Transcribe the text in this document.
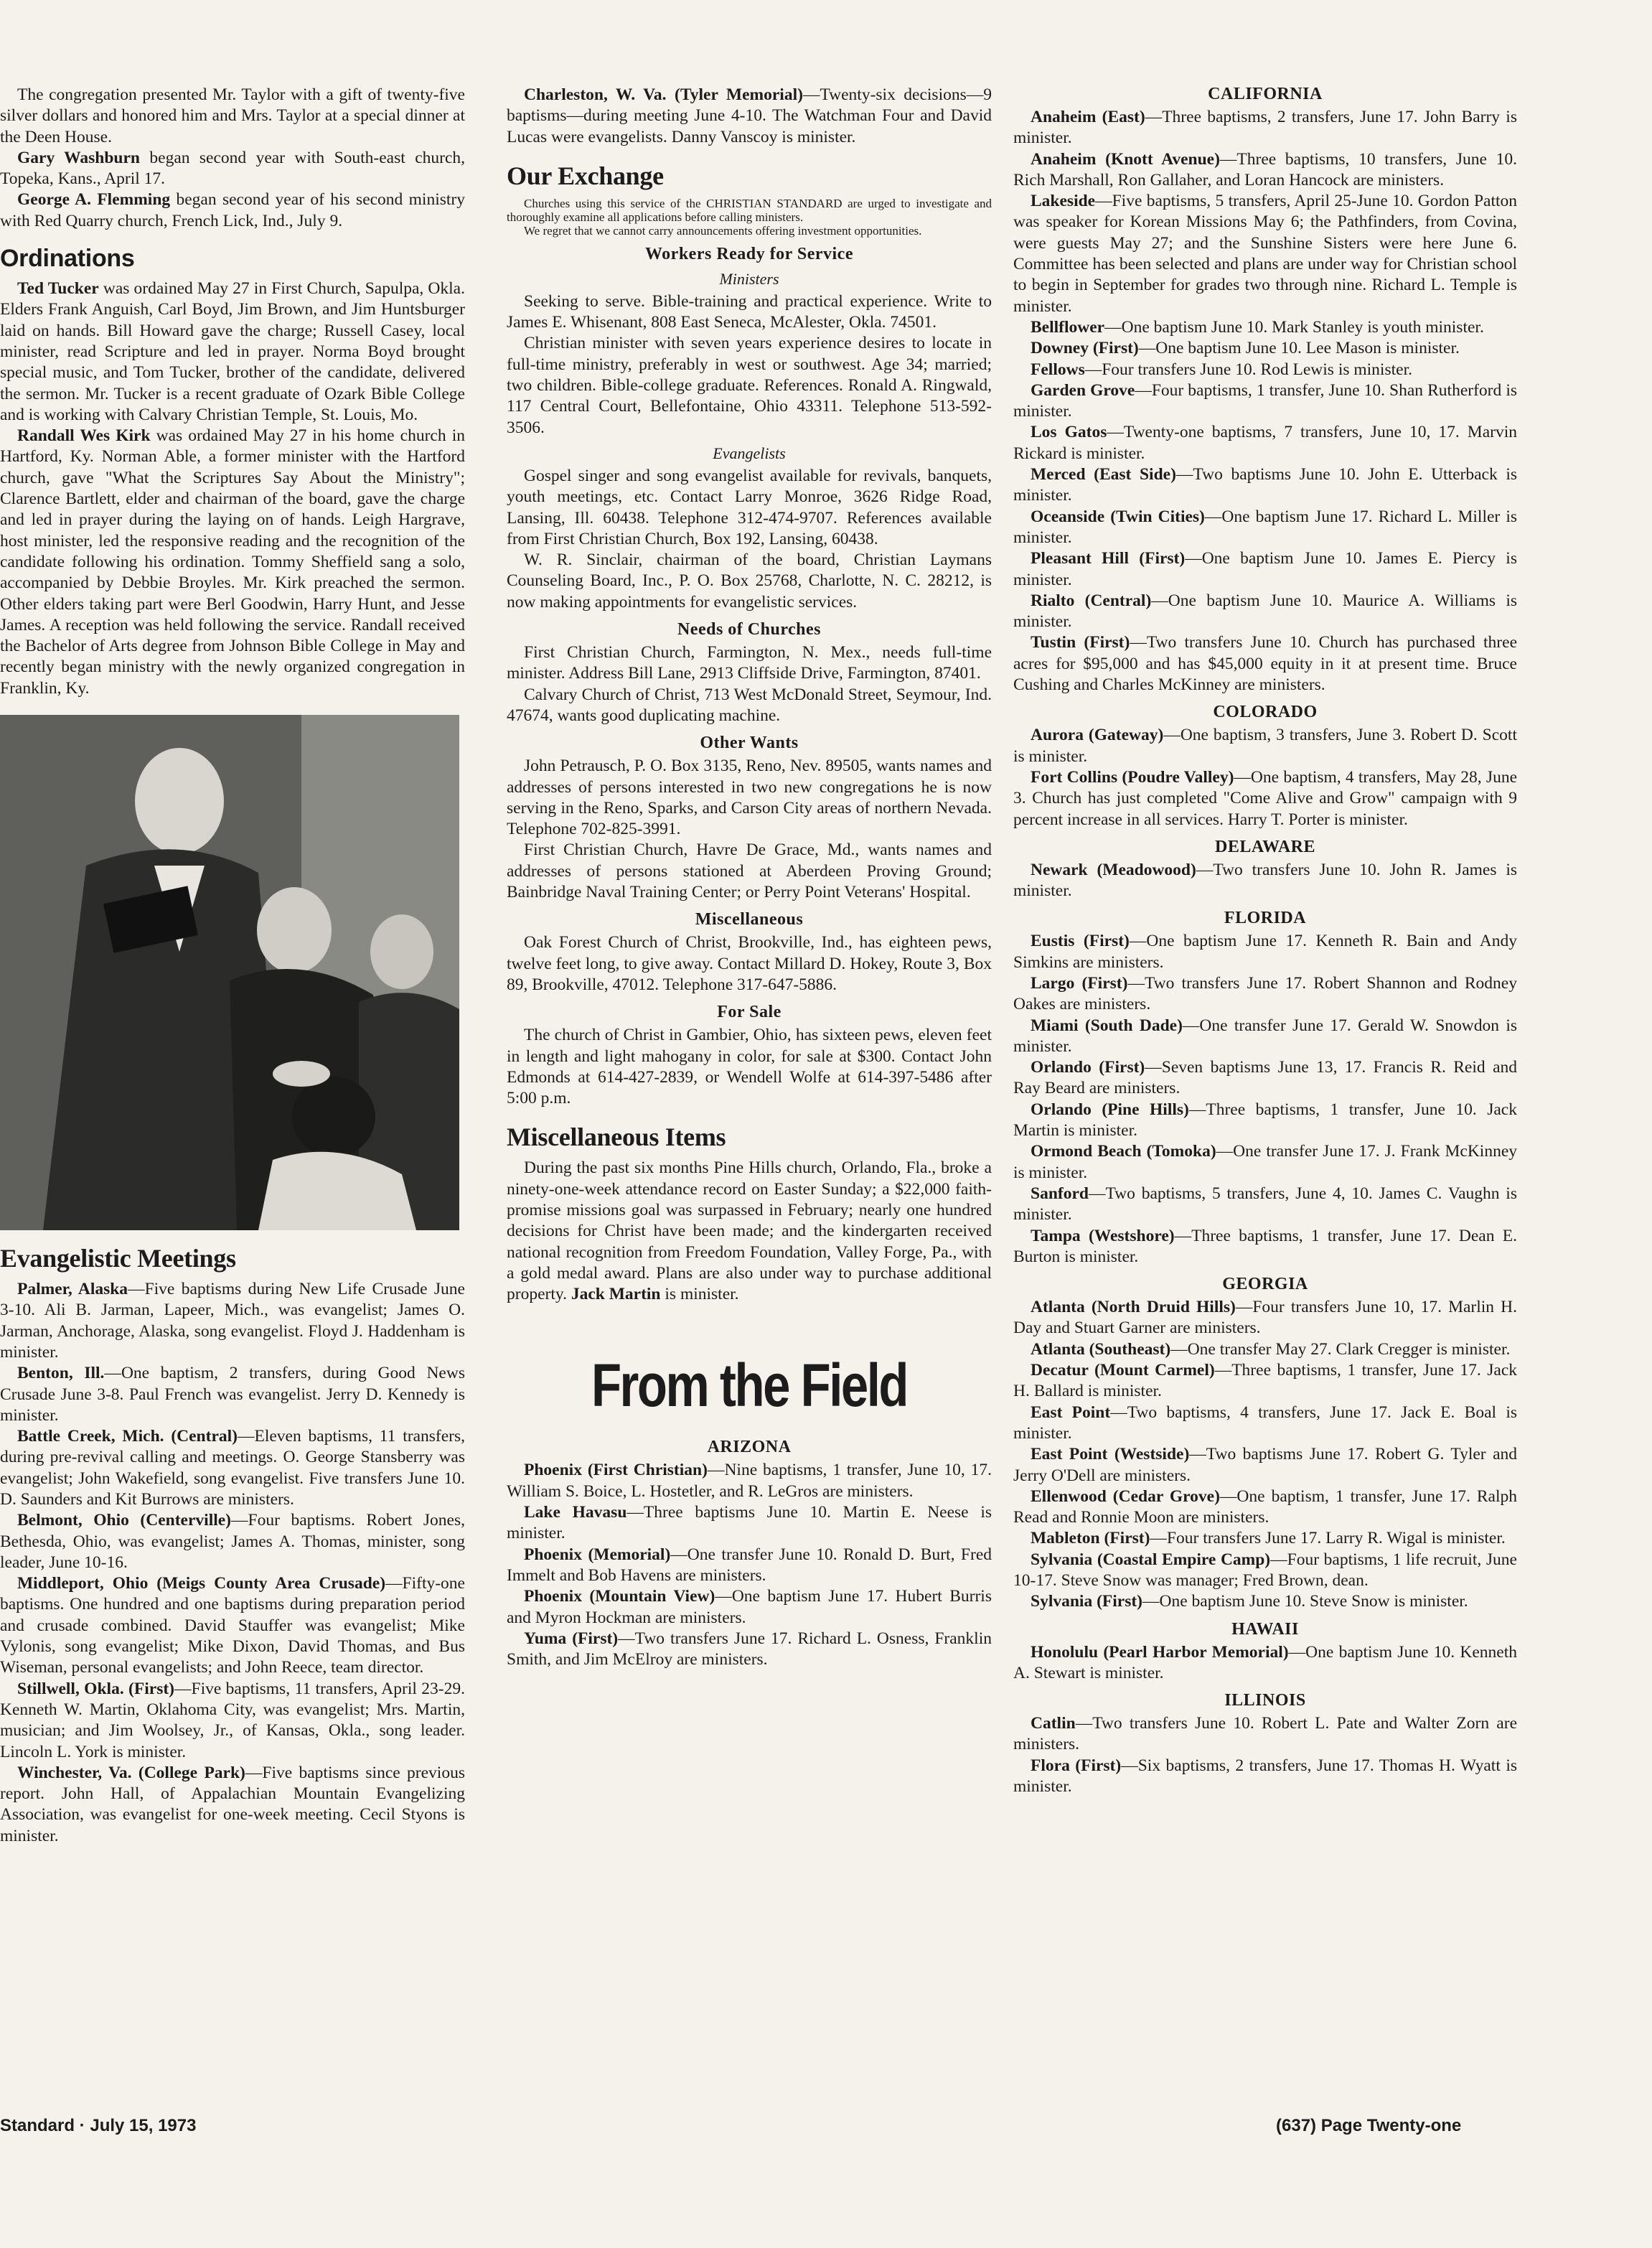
The congregation presented Mr. Taylor with a gift of twenty-five silver dollars and honored him and Mrs. Taylor at a special dinner at the Deen House.

Gary Washburn began second year with South-east church, Topeka, Kans., April 17.

George A. Flemming began second year of his second ministry with Red Quarry church, French Lick, Ind., July 9.

Ordinations

Ted Tucker was ordained May 27 in First Church, Sapulpa, Okla. Elders Frank Anguish, Carl Boyd, Jim Brown, and Jim Huntsburger laid on hands. Bill Howard gave the charge; Russell Casey, local minister, read Scripture and led in prayer. Norma Boyd brought special music, and Tom Tucker, brother of the candidate, delivered the sermon. Mr. Tucker is a recent graduate of Ozark Bible College and is working with Calvary Christian Temple, St. Louis, Mo.

Randall Wes Kirk was ordained May 27 in his home church in Hartford, Ky. Norman Able, a former minister with the Hartford church, gave "What the Scriptures Say About the Ministry"; Clarence Bartlett, elder and chairman of the board, gave the charge and led in prayer during the laying on of hands. Leigh Hargrave, host minister, led the responsive reading and the recognition of the candidate following his ordination. Tommy Sheffield sang a solo, accompanied by Debbie Broyles. Mr. Kirk preached the sermon. Other elders taking part were Berl Goodwin, Harry Hunt, and Jesse James. A reception was held following the service. Randall received the Bachelor of Arts degree from Johnson Bible College in May and recently began ministry with the newly organized congregation in Franklin, Ky.

Evangelistic Meetings

Palmer, Alaska—Five baptisms during New Life Crusade June 3-10. Ali B. Jarman, Lapeer, Mich., was evangelist; James O. Jarman, Anchorage, Alaska, song evangelist. Floyd J. Haddenham is minister.

Benton, Ill.—One baptism, 2 transfers, during Good News Crusade June 3-8. Paul French was evangelist. Jerry D. Kennedy is minister.

Battle Creek, Mich. (Central)—Eleven baptisms, 11 transfers, during pre-revival calling and meetings. O. George Stansberry was evangelist; John Wakefield, song evangelist. Five transfers June 10. D. Saunders and Kit Burrows are ministers.

Belmont, Ohio (Centerville)—Four baptisms. Robert Jones, Bethesda, Ohio, was evangelist; James A. Thomas, minister, song leader, June 10-16.

Middleport, Ohio (Meigs County Area Crusade)—Fifty-one baptisms. One hundred and one baptisms during preparation period and crusade combined. David Stauffer was evangelist; Mike Vylonis, song evangelist; Mike Dixon, David Thomas, and Bus Wiseman, personal evangelists; and John Reece, team director.

Stillwell, Okla. (First)—Five baptisms, 11 transfers, April 23-29. Kenneth W. Martin, Oklahoma City, was evangelist; Mrs. Martin, musician; and Jim Woolsey, Jr., of Kansas, Okla., song leader. Lincoln L. York is minister.

Winchester, Va. (College Park)—Five baptisms since previous report. John Hall, of Appalachian Mountain Evangelizing Association, was evangelist for one-week meeting. Cecil Styons is minister.

Charleston, W. Va. (Tyler Memorial)—Twenty-six decisions—9 baptisms—during meeting June 4-10. The Watchman Four and David Lucas were evangelists. Danny Vanscoy is minister.

Our Exchange

Churches using this service of the CHRISTIAN STANDARD are urged to investigate and thoroughly examine all applications before calling ministers.

We regret that we cannot carry announcements offering investment opportunities.

Workers Ready for Service
Ministers

Seeking to serve. Bible-training and practical experience. Write to James E. Whisenant, 808 East Seneca, McAlester, Okla. 74501.

Christian minister with seven years experience desires to locate in full-time ministry, preferably in west or southwest. Age 34; married; two children. Bible-college graduate. References. Ronald A. Ringwald, 117 Central Court, Bellefontaine, Ohio 43311. Telephone 513-592-3506.

Evangelists

Gospel singer and song evangelist available for revivals, banquets, youth meetings, etc. Contact Larry Monroe, 3626 Ridge Road, Lansing, Ill. 60438. Telephone 312-474-9707. References available from First Christian Church, Box 192, Lansing, 60438.

W. R. Sinclair, chairman of the board, Christian Laymans Counseling Board, Inc., P. O. Box 25768, Charlotte, N. C. 28212, is now making appointments for evangelistic services.

Needs of Churches

First Christian Church, Farmington, N. Mex., needs full-time minister. Address Bill Lane, 2913 Cliffside Drive, Farmington, 87401.

Calvary Church of Christ, 713 West McDonald Street, Seymour, Ind. 47674, wants good duplicating machine.

Other Wants

John Petrausch, P. O. Box 3135, Reno, Nev. 89505, wants names and addresses of persons interested in two new congregations he is now serving in the Reno, Sparks, and Carson City areas of northern Nevada. Telephone 702-825-3991.

First Christian Church, Havre De Grace, Md., wants names and addresses of persons stationed at Aberdeen Proving Ground; Bainbridge Naval Training Center; or Perry Point Veterans' Hospital.

Miscellaneous

Oak Forest Church of Christ, Brookville, Ind., has eighteen pews, twelve feet long, to give away. Contact Millard D. Hokey, Route 3, Box 89, Brookville, 47012. Telephone 317-647-5886.

For Sale

The church of Christ in Gambier, Ohio, has sixteen pews, eleven feet in length and light mahogany in color, for sale at $300. Contact John Edmonds at 614-427-2839, or Wendell Wolfe at 614-397-5486 after 5:00 p.m.

Miscellaneous Items

During the past six months Pine Hills church, Orlando, Fla., broke a ninety-one-week attendance record on Easter Sunday; a $22,000 faith-promise missions goal was surpassed in February; nearly one hundred decisions for Christ have been made; and the kindergarten received national recognition from Freedom Foundation, Valley Forge, Pa., with a gold medal award. Plans are also under way to purchase additional property. Jack Martin is minister.

From the Field
ARIZONA

Phoenix (First Christian)—Nine baptisms, 1 transfer, June 10, 17. William S. Boice, L. Hostetler, and R. LeGros are ministers.

Lake Havasu—Three baptisms June 10. Martin E. Neese is minister.

Phoenix (Memorial)—One transfer June 10. Ronald D. Burt, Fred Immelt and Bob Havens are ministers.

Phoenix (Mountain View)—One baptism June 17. Hubert Burris and Myron Hockman are ministers.

Yuma (First)—Two transfers June 17. Richard L. Osness, Franklin Smith, and Jim McElroy are ministers.

CALIFORNIA

Anaheim (East)—Three baptisms, 2 transfers, June 17. John Barry is minister.

Anaheim (Knott Avenue)—Three baptisms, 10 transfers, June 10. Rich Marshall, Ron Gallaher, and Loran Hancock are ministers.

Lakeside—Five baptisms, 5 transfers, April 25-June 10. Gordon Patton was speaker for Korean Missions May 6; the Pathfinders, from Covina, were guests May 27; and the Sunshine Sisters were here June 6. Committee has been selected and plans are under way for Christian school to begin in September for grades two through nine. Richard L. Temple is minister.

Bellflower—One baptism June 10. Mark Stanley is youth minister.

Downey (First)—One baptism June 10. Lee Mason is minister.

Fellows—Four transfers June 10. Rod Lewis is minister.

Garden Grove—Four baptisms, 1 transfer, June 10. Shan Rutherford is minister.

Los Gatos—Twenty-one baptisms, 7 transfers, June 10, 17. Marvin Rickard is minister.

Merced (East Side)—Two baptisms June 10. John E. Utterback is minister.

Oceanside (Twin Cities)—One baptism June 17. Richard L. Miller is minister.

Pleasant Hill (First)—One baptism June 10. James E. Piercy is minister.

Rialto (Central)—One baptism June 10. Maurice A. Williams is minister.

Tustin (First)—Two transfers June 10. Church has purchased three acres for $95,000 and has $45,000 equity in it at present time. Bruce Cushing and Charles McKinney are ministers.

COLORADO

Aurora (Gateway)—One baptism, 3 transfers, June 3. Robert D. Scott is minister.

Fort Collins (Poudre Valley)—One baptism, 4 transfers, May 28, June 3. Church has just completed "Come Alive and Grow" campaign with 9 percent increase in all services. Harry T. Porter is minister.

DELAWARE

Newark (Meadowood)—Two transfers June 10. John R. James is minister.

FLORIDA

Eustis (First)—One baptism June 17. Kenneth R. Bain and Andy Simkins are ministers.

Largo (First)—Two transfers June 17. Robert Shannon and Rodney Oakes are ministers.

Miami (South Dade)—One transfer June 17. Gerald W. Snowdon is minister.

Orlando (First)—Seven baptisms June 13, 17. Francis R. Reid and Ray Beard are ministers.

Orlando (Pine Hills)—Three baptisms, 1 transfer, June 10. Jack Martin is minister.

Ormond Beach (Tomoka)—One transfer June 17. J. Frank McKinney is minister.

Sanford—Two baptisms, 5 transfers, June 4, 10. James C. Vaughn is minister.

Tampa (Westshore)—Three baptisms, 1 transfer, June 17. Dean E. Burton is minister.

GEORGIA

Atlanta (North Druid Hills)—Four transfers June 10, 17. Marlin H. Day and Stuart Garner are ministers.

Atlanta (Southeast)—One transfer May 27. Clark Cregger is minister.

Decatur (Mount Carmel)—Three baptisms, 1 transfer, June 17. Jack H. Ballard is minister.

East Point—Two baptisms, 4 transfers, June 17. Jack E. Boal is minister.

East Point (Westside)—Two baptisms June 17. Robert G. Tyler and Jerry O'Dell are ministers.

Ellenwood (Cedar Grove)—One baptism, 1 transfer, June 17. Ralph Read and Ronnie Moon are ministers.

Mableton (First)—Four transfers June 17. Larry R. Wigal is minister.

Sylvania (Coastal Empire Camp)—Four baptisms, 1 life recruit, June 10-17. Steve Snow was manager; Fred Brown, dean.

Sylvania (First)—One baptism June 10. Steve Snow is minister.

HAWAII

Honolulu (Pearl Harbor Memorial)—One baptism June 10. Kenneth A. Stewart is minister.

ILLINOIS

Catlin—Two transfers June 10. Robert L. Pate and Walter Zorn are ministers.

Flora (First)—Six baptisms, 2 transfers, June 17. Thomas H. Wyatt is minister.

Standard · July 15, 1973	(637) Page Twenty-one
